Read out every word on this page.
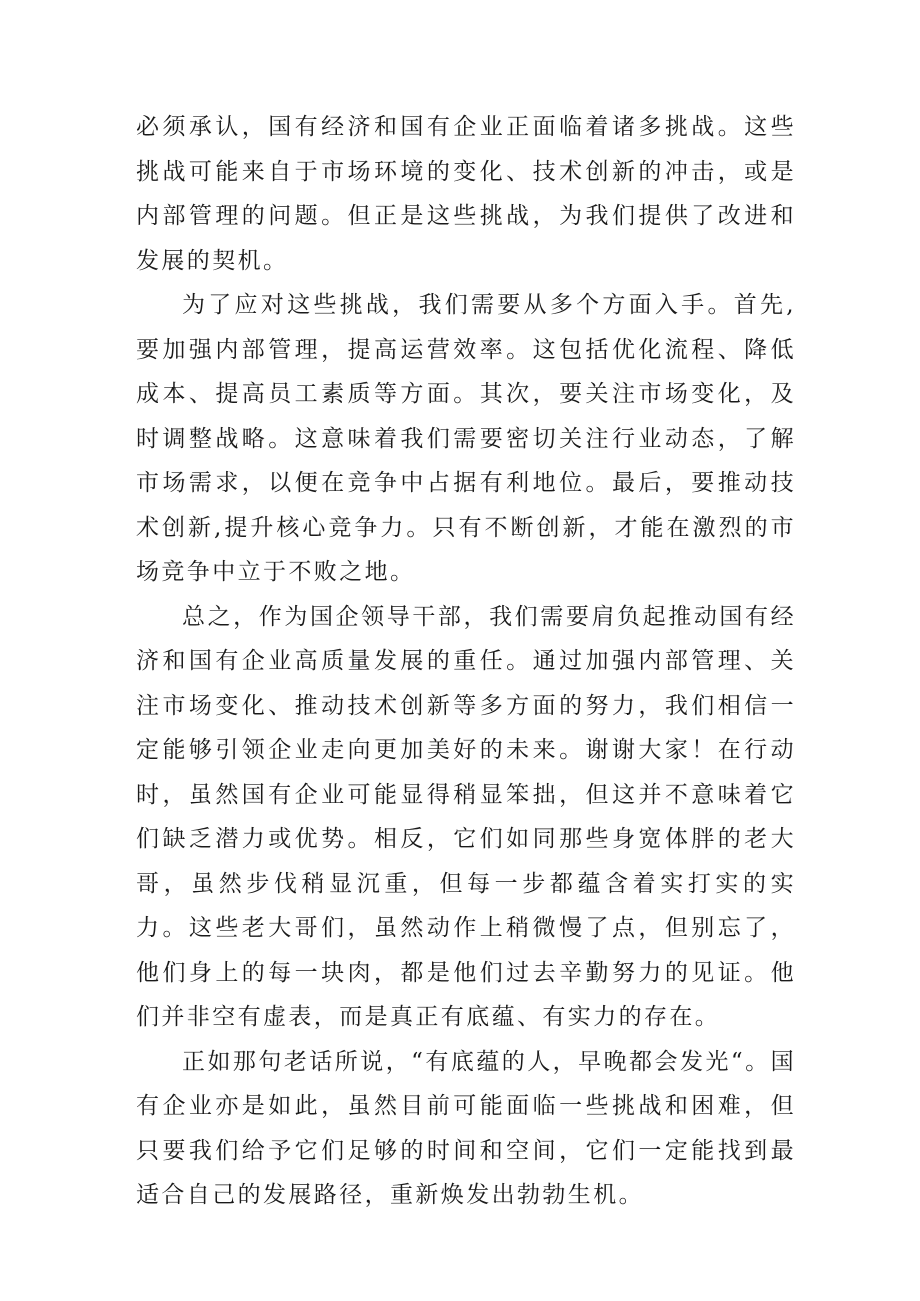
必须承认，国有经济和国有企业正面临着诸多挑战。这些挑战可能来自于市场环境的变化、技术创新的冲击，或是内部管理的问题。但正是这些挑战，为我们提供了改进和发展的契机。

为了应对这些挑战，我们需要从多个方面入手。首先,要加强内部管理，提高运营效率。这包括优化流程、降低成本、提高员工素质等方面。其次，要关注市场变化，及时调整战略。这意味着我们需要密切关注行业动态，了解市场需求，以便在竞争中占据有利地位。最后，要推动技术创新,提升核心竞争力。只有不断创新，才能在激烈的市场竞争中立于不败之地。

总之，作为国企领导干部，我们需要肩负起推动国有经济和国有企业高质量发展的重任。通过加强内部管理、关注市场变化、推动技术创新等多方面的努力，我们相信一定能够引领企业走向更加美好的未来。谢谢大家！在行动时，虽然国有企业可能显得稍显笨拙，但这并不意味着它们缺乏潜力或优势。相反，它们如同那些身宽体胖的老大哥，虽然步伐稍显沉重，但每一步都蕴含着实打实的实力。这些老大哥们，虽然动作上稍微慢了点，但别忘了，他们身上的每一块肉，都是他们过去辛勤努力的见证。他们并非空有虚表，而是真正有底蕴、有实力的存在。

正如那句老话所说，“有底蕴的人，早晚都会发光“。国有企业亦是如此，虽然目前可能面临一些挑战和困难，但只要我们给予它们足够的时间和空间，它们一定能找到最适合自己的发展路径，重新焕发出勃勃生机。
